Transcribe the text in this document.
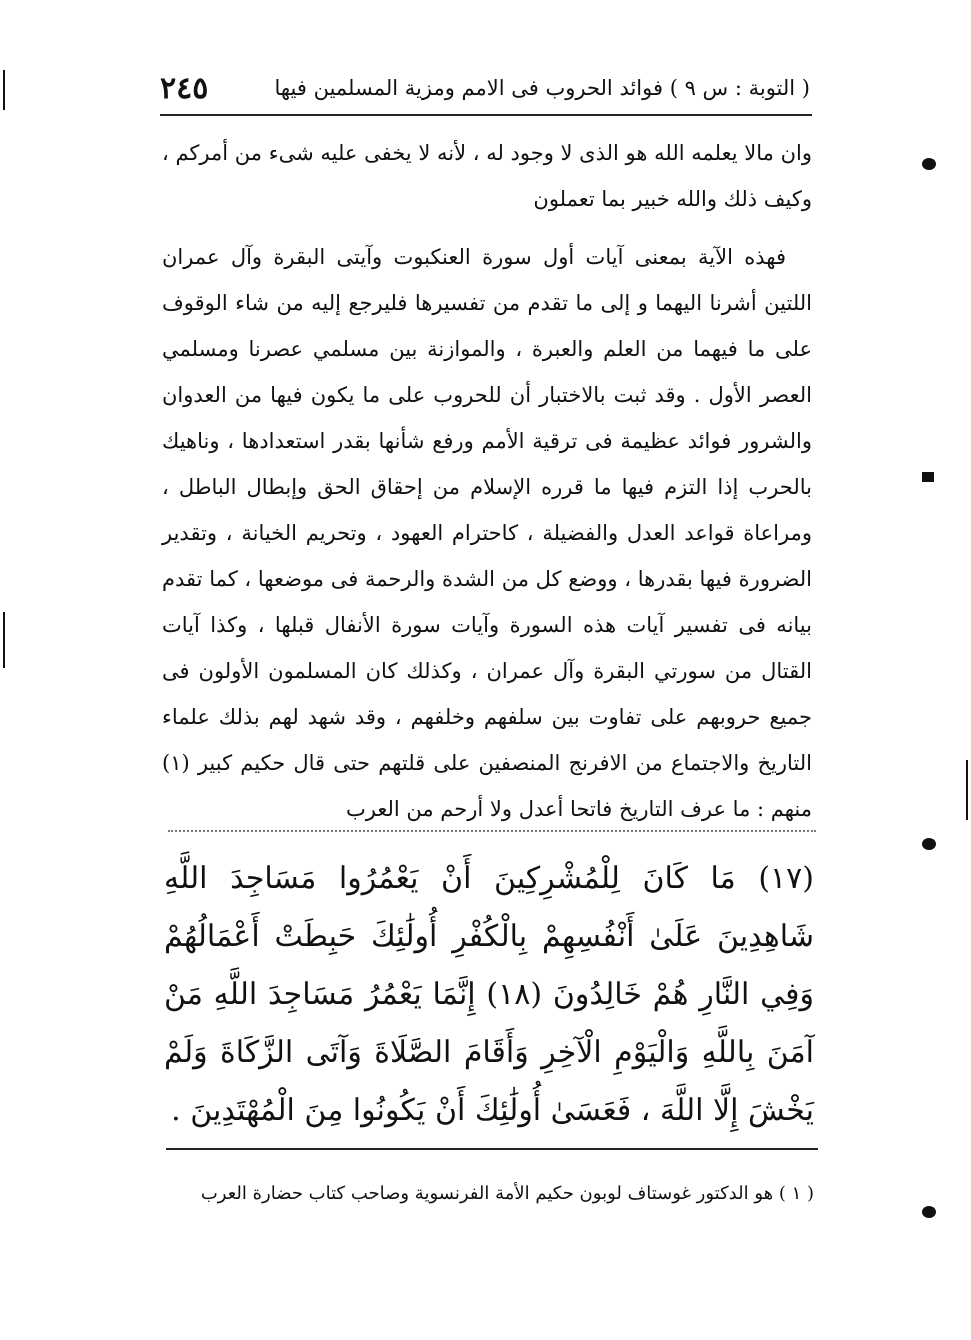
( التوبة : س ۹ ) فوائد الحروب فى الامم ومزية المسلمين فيها
٢٤٥

وان مالا يعلمه الله هو الذى لا وجود له ، لأنه لا يخفى عليه شىء من أمركم ، وكيف ذلك والله خبير بما تعملون

فهذه الآية بمعنى آيات أول سورة العنكبوت وآيتى البقرة وآل عمران اللتين أشرنا اليهما و إلى ما تقدم من تفسيرها فليرجع إليه من شاء الوقوف على ما فيهما من العلم والعبرة ، والموازنة بين مسلمي عصرنا ومسلمي العصر الأول . وقد ثبت بالاختبار أن للحروب على ما يكون فيها من العدوان والشرور فوائد عظيمة فى ترقية الأمم ورفع شأنها بقدر استعدادها ، وناهيك بالحرب إذا التزم فيها ما قرره الإسلام من إحقاق الحق وإبطال الباطل ، ومراعاة قواعد العدل والفضيلة ، كاحترام العهود ، وتحريم الخيانة ، وتقدير الضرورة فيها بقدرها ، ووضع كل من الشدة والرحمة فى موضعها ، كما تقدم بيانه فى تفسير آيات هذه السورة وآيات سورة الأنفال قبلها ، وكذا آيات القتال من سورتي البقرة وآل عمران ، وكذلك كان المسلمون الأولون فى جميع حروبهم على تفاوت بين سلفهم وخلفهم ، وقد شهد لهم بذلك علماء التاريخ والاجتماع من الافرنج المنصفين على قلتهم حتى قال حكيم كبير (١) منهم : ما عرف التاريخ فاتحا أعدل ولا أرحم من العرب

(١٧) مَا كَانَ لِلْمُشْرِكِينَ أَنْ يَعْمُرُوا مَسَاجِدَ اللَّهِ شَاهِدِينَ عَلَىٰ أَنْفُسِهِمْ بِالْكُفْرِ أُولَٰئِكَ حَبِطَتْ أَعْمَالُهُمْ وَفِي النَّارِ هُمْ خَالِدُونَ (١٨) إِنَّمَا يَعْمُرُ مَسَاجِدَ اللَّهِ مَنْ آمَنَ بِاللَّهِ وَالْيَوْمِ الْآخِرِ وَأَقَامَ الصَّلَاةَ وَآتَى الزَّكَاةَ وَلَمْ يَخْشَ إِلَّا اللَّهَ ، فَعَسَىٰ أُولَٰئِكَ أَنْ يَكُونُوا مِنَ الْمُهْتَدِينَ .

( ١ ) هو الدكتور غوستاف لوبون حكيم الأمة الفرنسوية وصاحب كتاب حضارة العرب
